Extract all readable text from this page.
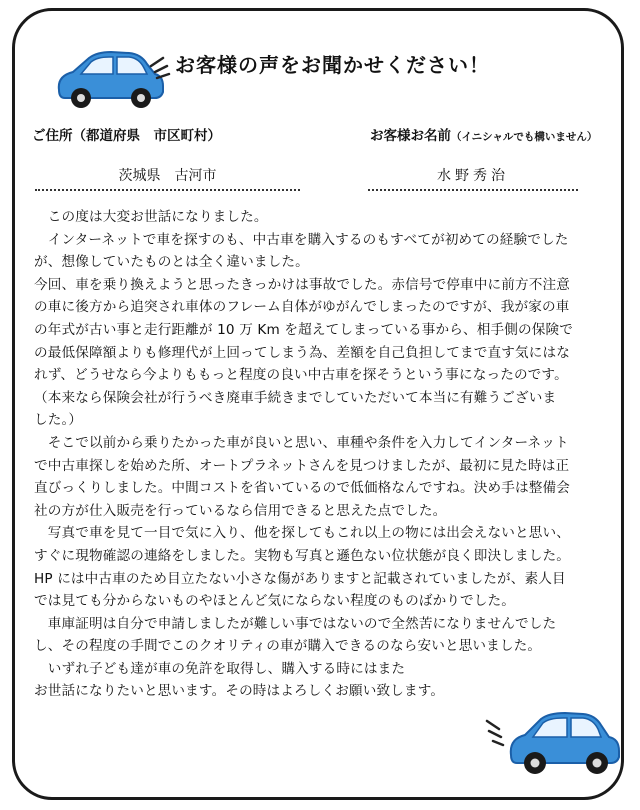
お客様の声をお聞かせください！
ご住所（都道府県　市区町村）	お客様お名前（イニシャルでも構いません）
茨城県　古河市	水野秀治
　この度は大変お世話になりました。
　インターネットで車を探すのも、中古車を購入するのもすべてが初めての経験でした
が、想像していたものとは全く違いました。
今回、車を乗り換えようと思ったきっかけは事故でした。赤信号で停車中に前方不注意
の車に後方から追突され車体のフレーム自体がゆがんでしまったのですが、我が家の車
の年式が古い事と走行距離が 10 万 Km を超えてしまっている事から、相手側の保険で
の最低保障額よりも修理代が上回ってしまう為、差額を自己負担してまで直す気にはな
れず、どうせなら今よりももっと程度の良い中古車を探そうという事になったのです。
（本来なら保険会社が行うべき廃車手続きまでしていただいて本当に有難うございま
した。）
　そこで以前から乗りたかった車が良いと思い、車種や条件を入力してインターネット
で中古車探しを始めた所、オートプラネットさんを見つけましたが、最初に見た時は正
直びっくりしました。中間コストを省いているので低価格なんですね。決め手は整備会
社の方が仕入販売を行っているなら信用できると思えた点でした。
　写真で車を見て一目で気に入り、他を探してもこれ以上の物には出会えないと思い、
すぐに現物確認の連絡をしました。実物も写真と遜色ない位状態が良く即決しました。
HP には中古車のため目立たない小さな傷がありますと記載されていましたが、素人目
では見ても分からないものやほとんど気にならない程度のものばかりでした。
　車庫証明は自分で申請しましたが難しい事ではないので全然苦になりませんでした
し、その程度の手間でこのクオリティの車が購入できるのなら安いと思いました。
　いずれ子ども達が車の免許を取得し、購入する時にはまた
お世話になりたいと思います。その時はよろしくお願い致します。
